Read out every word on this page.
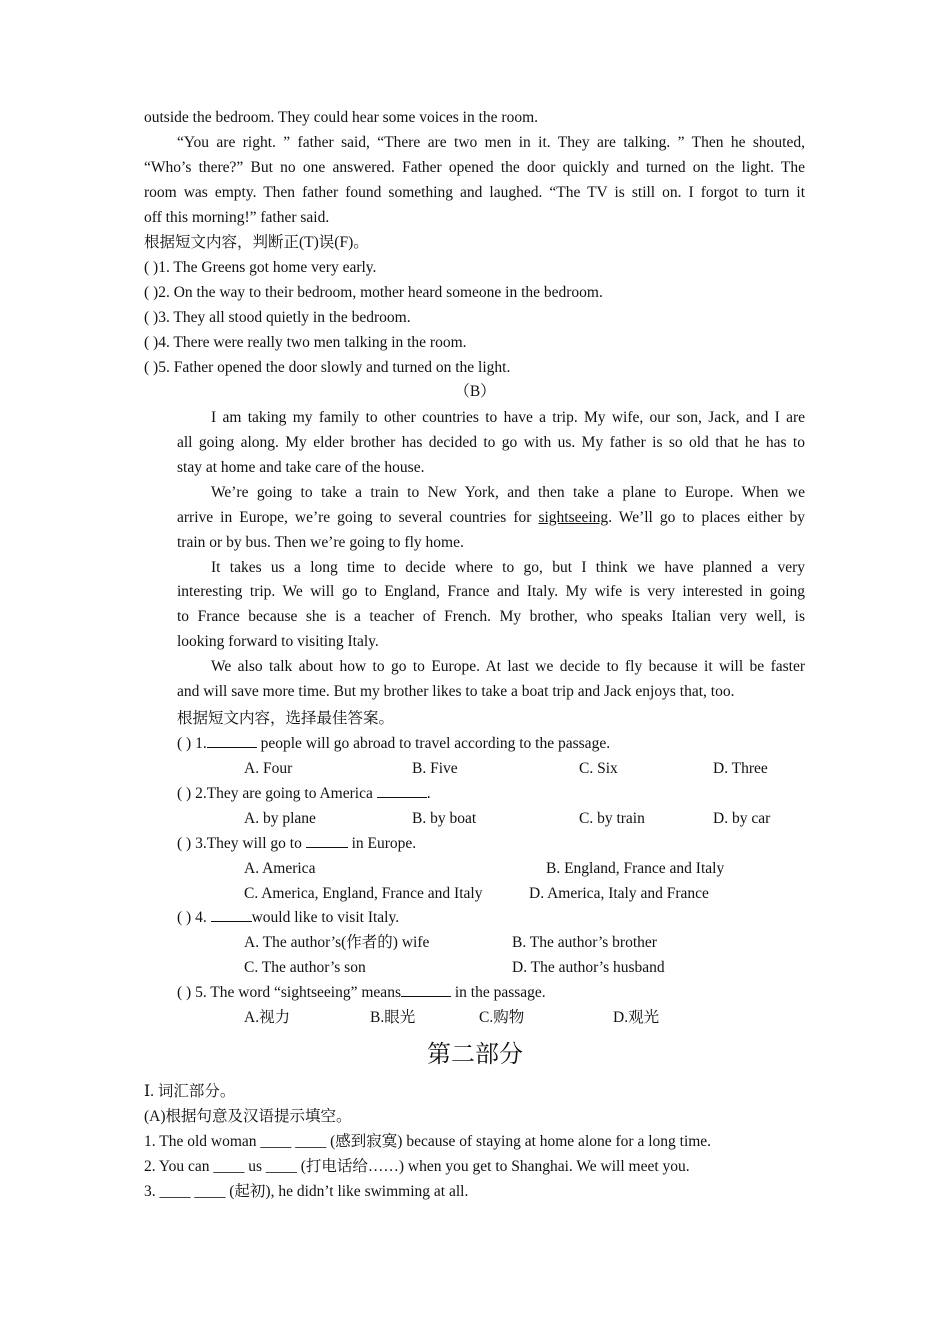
outside the bedroom. They could hear some voices in the room.
“You are right. ” father said, “There are two men in it. They are talking. ” Then he shouted,
“Who’s there?” But no one answered. Father opened the door quickly and turned on the light. The
room was empty. Then father found something and laughed. “The TV is still on. I forgot to turn it
off this morning!” father said.
根据短文内容，判断正(T)误(F)。
( )1. The Greens got home very early.
( )2. On the way to their bedroom, mother heard someone in the bedroom.
( )3. They all stood quietly in the bedroom.
( )4. There were really two men talking in the room.
( )5. Father opened the door slowly and turned on the light.
（B）
I am taking my family to other countries to have a trip. My wife, our son, Jack, and I are
all going along. My elder brother has decided to go with us. My father is so old that he has to
stay at home and take care of the house.
We’re going to take a train to New York, and then take a plane to Europe. When we
arrive in Europe, we’re going to several countries for sightseeing. We’ll go to places either by
train or by bus. Then we’re going to fly home.
It takes us a long time to decide where to go, but I think we have planned a very
interesting trip. We will go to England, France and Italy. My wife is very interested in going
to France because she is a teacher of French. My brother, who speaks Italian very well, is
looking forward to visiting Italy.
We also talk about how to go to Europe. At last we decide to fly because it will be faster
and will save more time. But my brother likes to take a boat trip and Jack enjoys that, too.
根据短文内容，选择最佳答案。
( ) 1.	people will go abroad to travel according to the passage.
A. Four	B. Five	C. Six	D. Three
( ) 2.They are going to America	.
A. by plane	B. by boat	C. by train	D. by car
( ) 3.They will go to	in Europe.
A. America	B. England, France and Italy
C. America, England, France and Italy	D. America, Italy and France
( ) 4.	would like to visit Italy.
A. The author’s(作者的) wife	B. The author’s brother
C. The author’s son	D. The author’s husband
( ) 5. The word “sightseeing” means	in the passage.
A.视力	B.眼光	C.购物	D.观光
第二部分
Ⅰ. 词汇部分。
(A)根据句意及汉语提示填空。
1. The old woman ____ ____ (感到寂寞) because of staying at home alone for a long time.
2. You can ____ us ____ (打电话给……) when you get to Shanghai. We will meet you.
3. ____ ____ (起初), he didn’t like swimming at all.
